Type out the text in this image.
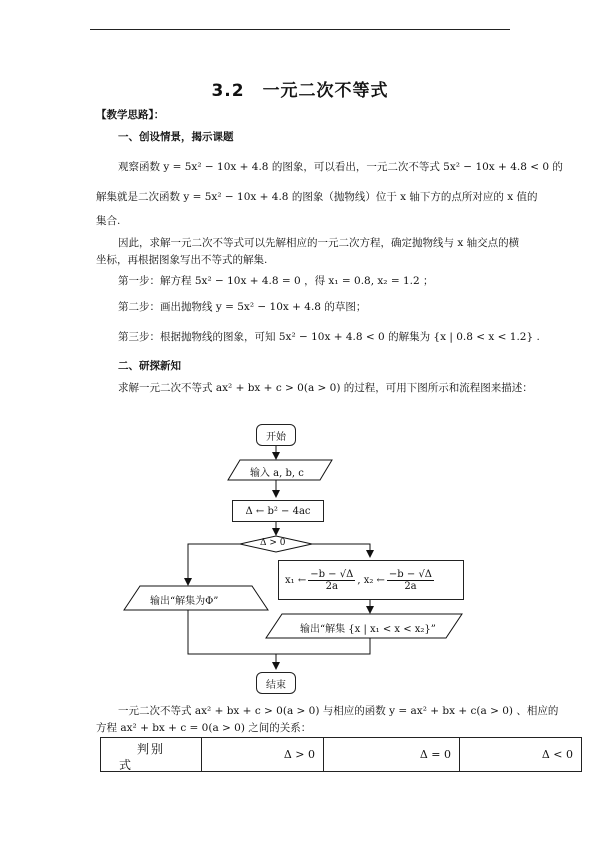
3.2 一元二次不等式
【教学思路】：
一、创设情景，揭示课题
观察函数 y = 5x² − 10x + 4.8 的图象，可以看出，一元二次不等式 5x² − 10x + 4.8 < 0 的
解集就是二次函数 y = 5x² − 10x + 4.8 的图象（抛物线）位于 x 轴下方的点所对应的 x 值的
集合.
因此，求解一元二次不等式可以先解相应的一元二次方程，确定抛物线与 x 轴交点的横
坐标，再根据图象写出不等式的解集.
第一步：解方程 5x² − 10x + 4.8 = 0 ，得 x₁ = 0.8, x₂ = 1.2 ；
第二步：画出抛物线 y = 5x² − 10x + 4.8 的草图；
第三步：根据抛物线的图象，可知 5x² − 10x + 4.8 < 0 的解集为 {x | 0.8 < x < 1.2} .
二、研探新知
求解一元二次不等式 ax² + bx + c > 0(a > 0) 的过程，可用下图所示和流程图来描述：
开始
输入 a, b, c
Δ ← b² − 4ac
Δ > 0
x₁ ← $\frac{-b - √\Delta}{2a}$ , x₂ ← $\frac{-b - √\Delta}{2a}$
输出“解集为Φ”
输出“解集 {x | x₁ < x < x₂}”
结束
一元二次不等式 ax² + bx + c > 0(a > 0) 与相应的函数 y = ax² + bx + c(a > 0) 、相应的
方程 ax² + bx + c = 0(a > 0) 之间的关系：
判别
式
	Δ > 0	Δ = 0	Δ < 0
